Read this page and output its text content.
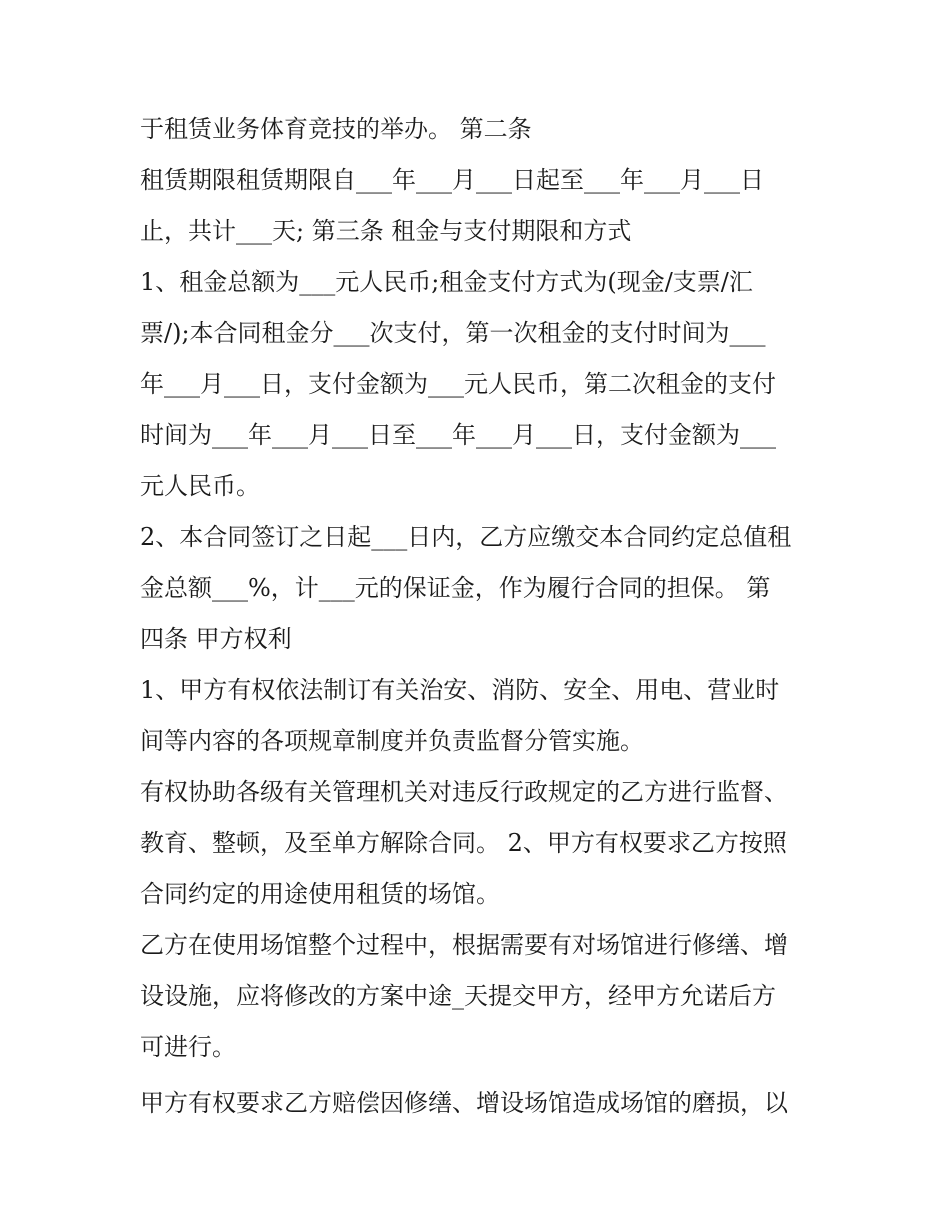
于租赁业务体育竞技的举办。 第二条

租赁期限租赁期限自___年___月___日起至___年___月___日

止，共计___天; 第三条 租金与支付期限和方式

1、租金总额为___元人民币;租金支付方式为(现金/支票/汇

票/);本合同租金分___次支付，第一次租金的支付时间为___

年___月___日，支付金额为___元人民币，第二次租金的支付

时间为___年___月___日至___年___月___日，支付金额为___

元人民币。

2、本合同签订之日起___日内，乙方应缴交本合同约定总值租

金总额___%，计___元的保证金，作为履行合同的担保。 第

四条 甲方权利

1、甲方有权依法制订有关治安、消防、安全、用电、营业时

间等内容的各项规章制度并负责监督分管实施。

有权协助各级有关管理机关对违反行政规定的乙方进行监督、

教育、整顿，及至单方解除合同。 2、甲方有权要求乙方按照

合同约定的用途使用租赁的场馆。

乙方在使用场馆整个过程中，根据需要有对场馆进行修缮、增

设设施，应将修改的方案中途_天提交甲方，经甲方允诺后方

可进行。

甲方有权要求乙方赔偿因修缮、增设场馆造成场馆的磨损，以
